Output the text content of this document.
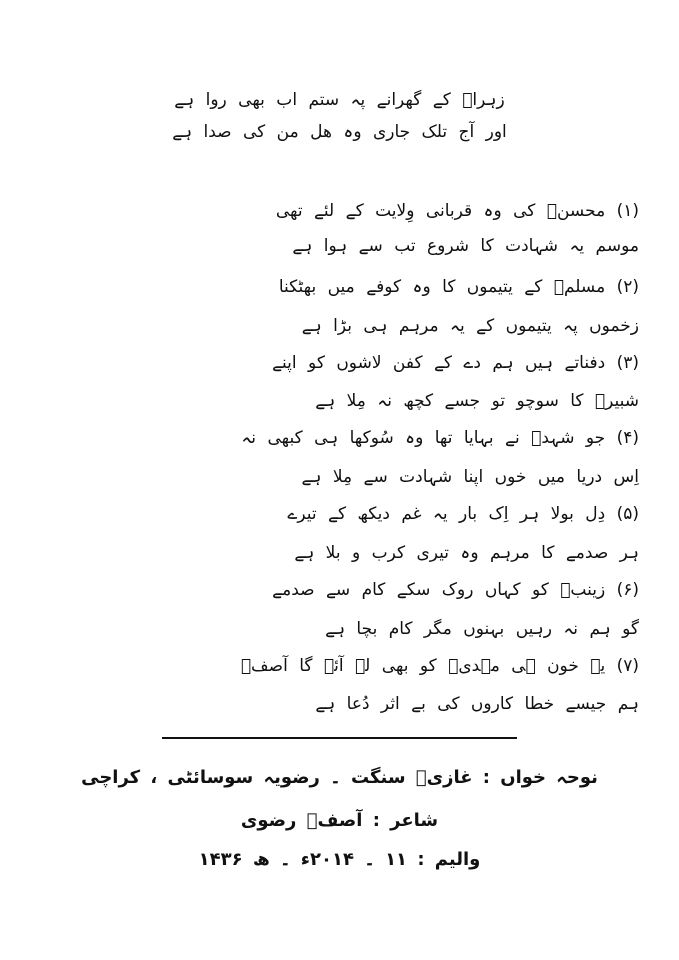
زہراؑ کے گھرانے پہ ستم اب بھی روا ہے
اور آج تلک جاری وہ ھل من کی صدا ہے
(۱) محسنؑ کی وہ قربانی وِلایت کے لئے تھی
موسم یہ شہادت کا شروع تب سے ہوا ہے
(۲) مسلمؑ کے یتیموں کا وہ کوفے میں بھٹکنا
زخموں پہ یتیموں کے یہ مرہم ہی بڑا ہے
(۳) دفناتے ہیں ہم دے کے کفن لاشوں کو اپنے
شبیرؑ کا سوچو تو جسے کچھ نہ مِلا ہے
(۴) جو شہدؑ نے بہایا تھا وہ سُوکھا ہی کبھی نہ
اِس دریا میں خوں اپنا شہادت سے مِلا ہے
(۵) دِل بولا ہر اِک بار یہ غم دیکھ کے تیرے
ہر صدمے کا مرہم وہ تیری کرب و بلا ہے
(۶) زینبؑ کو کہاں روک سکے کام سے صدمے
گو ہم نہ رہیں بہنوں مگر کام بچا ہے
(۷) یہ خون ہی مہدیؑ کو بھی لے آئے گا آصفؔ
ہم جیسے خطا کاروں کی بے اثر دُعا ہے
نوحہ خواں : غازیؑ سنگت ۔ رضویہ سوسائٹی ، کراچی
شاعر : آصفؔ رضوی
والیم : ۱۱ ۔ ۲۰۱۴ء ۔ ھ ۱۴۳۶
